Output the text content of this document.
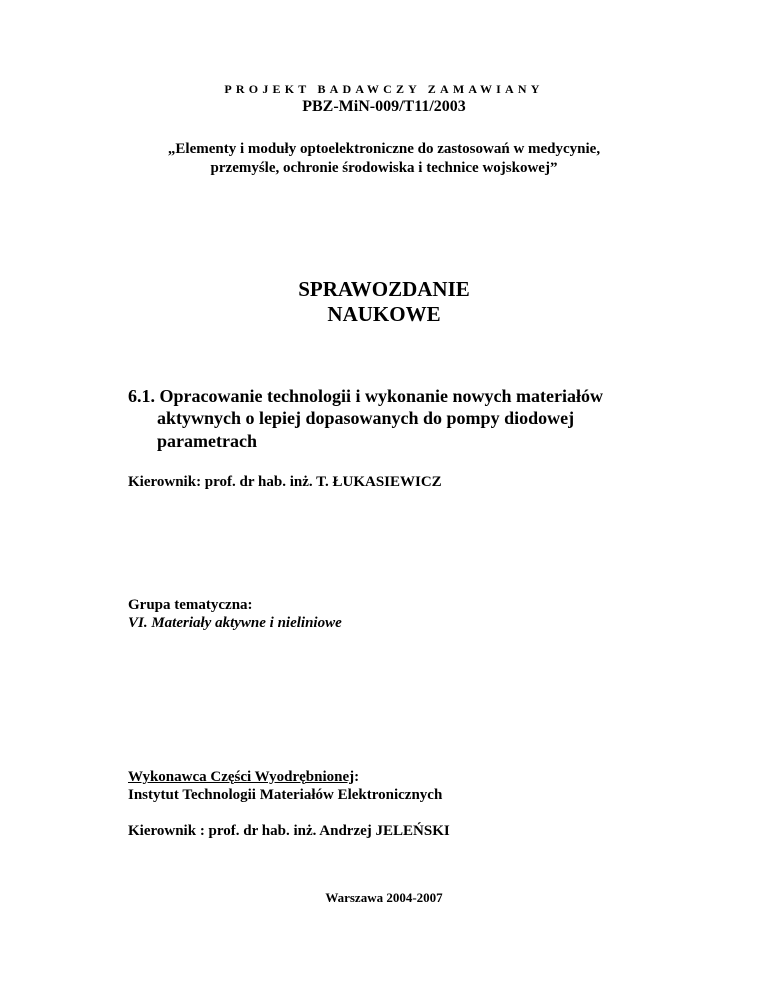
PROJEKT BADAWCZY ZAMAWIANY
PBZ-MiN-009/T11/2003
„Elementy i moduły optoelektroniczne do zastosowań w medycynie,
przemyśle, ochronie środowiska i technice wojskowej”
SPRAWOZDANIE
NAUKOWE
6.1. Opracowanie technologii i wykonanie nowych materiałów
aktywnych o lepiej dopasowanych do pompy diodowej
parametrach
Kierownik: prof. dr hab. inż. T. ŁUKASIEWICZ
Grupa tematyczna:
VI. Materiały aktywne i nieliniowe
Wykonawca Części Wyodrębnionej:
Instytut Technologii Materiałów Elektronicznych
Kierownik : prof. dr hab. inż. Andrzej JELEŃSKI
Warszawa 2004-2007
